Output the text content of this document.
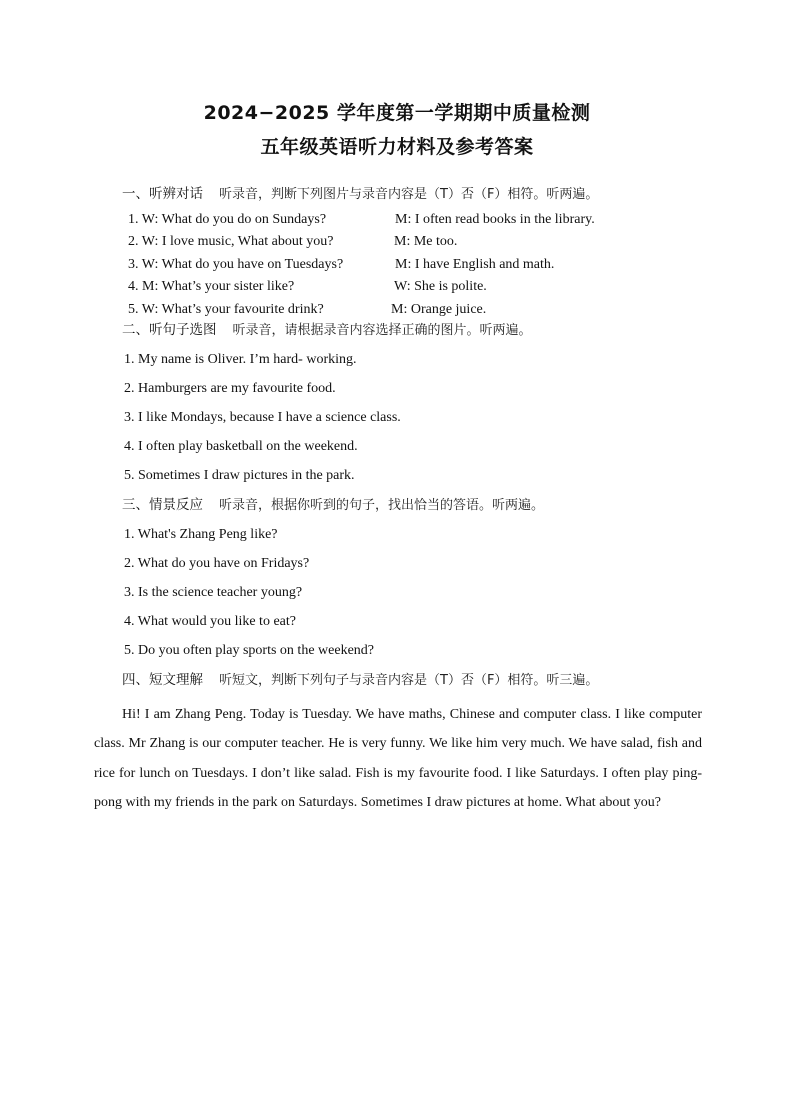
2024−2025 学年度第一学期期中质量检测
五年级英语听力材料及参考答案
一、听辨对话 听录音，判断下列图片与录音内容是（T）否（F）相符。听两遍。
1. W: What do you do on Sundays?	M: I often read books in the library.
2. W: I love music, What about you?	M: Me too.
3. W: What do you have on Tuesdays?	M: I have English and math.
4. M: What’s your sister like?	W: She is polite.
5. W: What’s your favourite drink?	M: Orange juice.
二、听句子选图 听录音，请根据录音内容选择正确的图片。听两遍。
1. My name is Oliver. I’m hard- working.
2. Hamburgers are my favourite food.
3. I like Mondays, because I have a science class.
4. I often play basketball on the weekend.
5. Sometimes I draw pictures in the park.
三、情景反应 听录音，根据你听到的句子，找出恰当的答语。听两遍。
1. What's Zhang Peng like?
2. What do you have on Fridays?
3. Is the science teacher young?
4. What would you like to eat?
5. Do you often play sports on the weekend?
四、短文理解 听短文，判断下列句子与录音内容是（T）否（F）相符。听三遍。
Hi! I am Zhang Peng. Today is Tuesday. We have maths, Chinese and computer class. I like computer class. Mr Zhang is our computer teacher. He is very funny. We like him very much. We have salad, fish and rice for lunch on Tuesdays. I don’t like salad. Fish is my favourite food. I like Saturdays. I often play ping-pong with my friends in the park on Saturdays. Sometimes I draw pictures at home. What about you?
